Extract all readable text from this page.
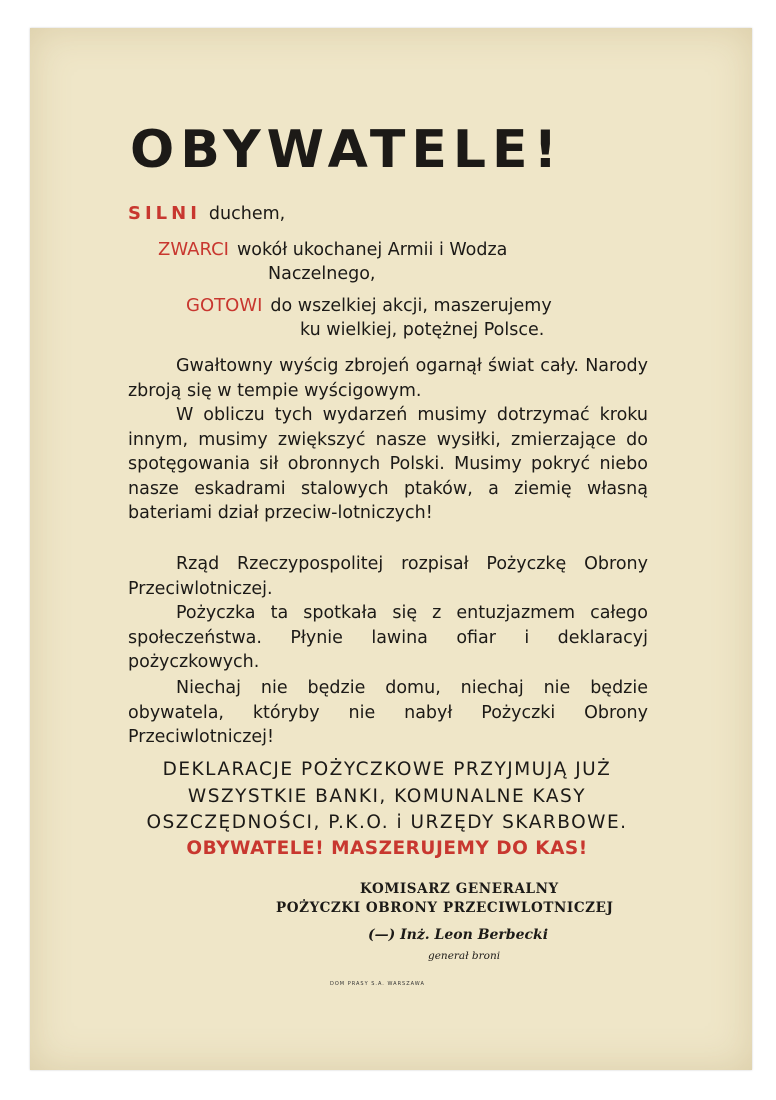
OBYWATELE!
SILNI duchem,
ZWARCI wokół ukochanej Armii i Wodza
Naczelnego,
GOTOWI do wszelkiej akcji, maszerujemy
ku wielkiej, potężnej Polsce.

Gwałtowny wyścig zbrojeń ogarnął świat cały. Narody zbroją się w tempie wyścigowym.

W obliczu tych wydarzeń musimy dotrzymać kroku innym, musimy zwiększyć nasze wysiłki, zmierzające do spotęgowania sił obronnych Polski. Musimy pokryć niebo nasze eskadrami stalowych ptaków, a ziemię własną bateriami dział przeciw-lotniczych!

Rząd Rzeczypospolitej rozpisał Pożyczkę Obrony Przeciwlotniczej.

Pożyczka ta spotkała się z entuzjazmem całego społeczeństwa. Płynie lawina ofiar i deklaracyj pożyczkowych.

Niechaj nie będzie domu, niechaj nie będzie obywatela, któryby nie nabył Pożyczki Obrony Przeciwlotniczej!

DEKLARACJE POŻYCZKOWE PRZYJMUJĄ JUŻ WSZYSTKIE BANKI, KOMUNALNE KASY OSZCZĘDNOŚCI, P.K.O. i URZĘDY SKARBOWE.

OBYWATELE! MASZERUJEMY DO KAS!

KOMISARZ GENERALNY
POŻYCZKI OBRONY PRZECIWLOTNICZEJ
(—) Inż. Leon Berbecki
generał broni
DOM PRASY S.A. WARSZAWA
